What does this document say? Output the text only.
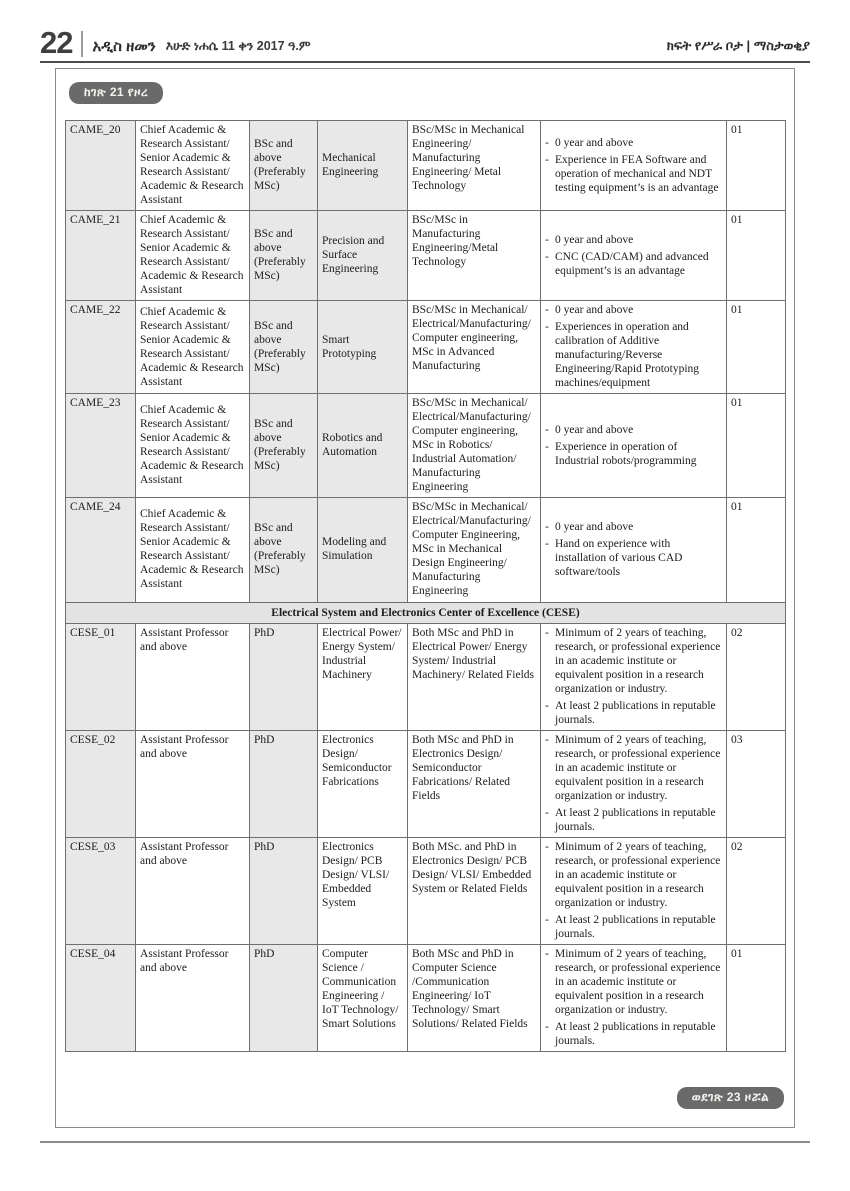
22 አዲስ ዘመን እሁድ ነሐሴ 11 ቀን 2017 ዓ.ም	ክፍት የሥራ ቦታ | ማስታወቂያ
ከገጽ 21 የዞረ
CAME_20	Chief Academic & Research Assistant/ Senior Academic & Research Assistant/ Academic & Research Assistant	BSc and above (Preferably MSc)	Mechanical Engineering	BSc/MSc in Mechanical Engineering/ Manufacturing Engineering/ Metal Technology	- 0 year and above
- Experience in FEA Software and operation of mechanical and NDT testing equipment’s is an advantage	01
CAME_21	Chief Academic & Research Assistant/ Senior Academic & Research Assistant/ Academic & Research Assistant	BSc and above (Preferably MSc)	Precision and Surface Engineering	BSc/MSc in Manufacturing Engineering/Metal Technology	- 0 year and above
- CNC (CAD/CAM) and advanced equipment’s is an advantage	01
CAME_22	Chief Academic & Research Assistant/ Senior Academic & Research Assistant/ Academic & Research Assistant	BSc and above (Preferably MSc)	Smart Prototyping	BSc/MSc in Mechanical/ Electrical/Manufacturing/ Computer engineering, MSc in Advanced Manufacturing	- 0 year and above
- Experiences in operation and calibration of Additive manufacturing/Reverse Engineering/Rapid Prototyping machines/equipment	01
CAME_23	Chief Academic & Research Assistant/ Senior Academic & Research Assistant/ Academic & Research Assistant	BSc and above (Preferably MSc)	Robotics and Automation	BSc/MSc in Mechanical/ Electrical/Manufacturing/ Computer engineering, MSc in Robotics/ Industrial Automation/ Manufacturing Engineering	- 0 year and above
- Experience in operation of Industrial robots/programming	01
CAME_24	Chief Academic & Research Assistant/ Senior Academic & Research Assistant/ Academic & Research Assistant	BSc and above (Preferably MSc)	Modeling and Simulation	BSc/MSc in Mechanical/ Electrical/Manufacturing/ Computer Engineering, MSc in Mechanical Design Engineering/ Manufacturing Engineering	- 0 year and above
- Hand on experience with installation of various CAD software/tools	01
Electrical System and Electronics Center of Excellence (CESE)						
CESE_01	Assistant Professor and above	PhD	Electrical Power/ Energy System/ Industrial Machinery	Both MSc and PhD in Electrical Power/ Energy System/ Industrial Machinery/ Related Fields	- Minimum of 2 years of teaching, research, or professional experience in an academic institute or equivalent position in a research organization or industry.
- At least 2 publications in reputable journals.	02
CESE_02	Assistant Professor and above	PhD	Electronics Design/ Semiconductor Fabrications	Both MSc and PhD in Electronics Design/ Semiconductor Fabrications/ Related Fields	- Minimum of 2 years of teaching, research, or professional experience in an academic institute or equivalent position in a research organization or industry.
- At least 2 publications in reputable journals.	03
CESE_03	Assistant Professor and above	PhD	Electronics Design/ PCB Design/ VLSI/ Embedded System	Both MSc. and PhD in Electronics Design/ PCB Design/ VLSI/ Embedded System or Related Fields	- Minimum of 2 years of teaching, research, or professional experience in an academic institute or equivalent position in a research organization or industry.
- At least 2 publications in reputable journals.	02
CESE_04	Assistant Professor and above	PhD	Computer Science / Communication Engineering / IoT Technology/ Smart Solutions	Both MSc and PhD in Computer Science /Communication Engineering/ IoT Technology/ Smart Solutions/ Related Fields	- Minimum of 2 years of teaching, research, or professional experience in an academic institute or equivalent position in a research organization or industry.
- At least 2 publications in reputable journals.	01
ወደገጽ 23 ዞሯል
